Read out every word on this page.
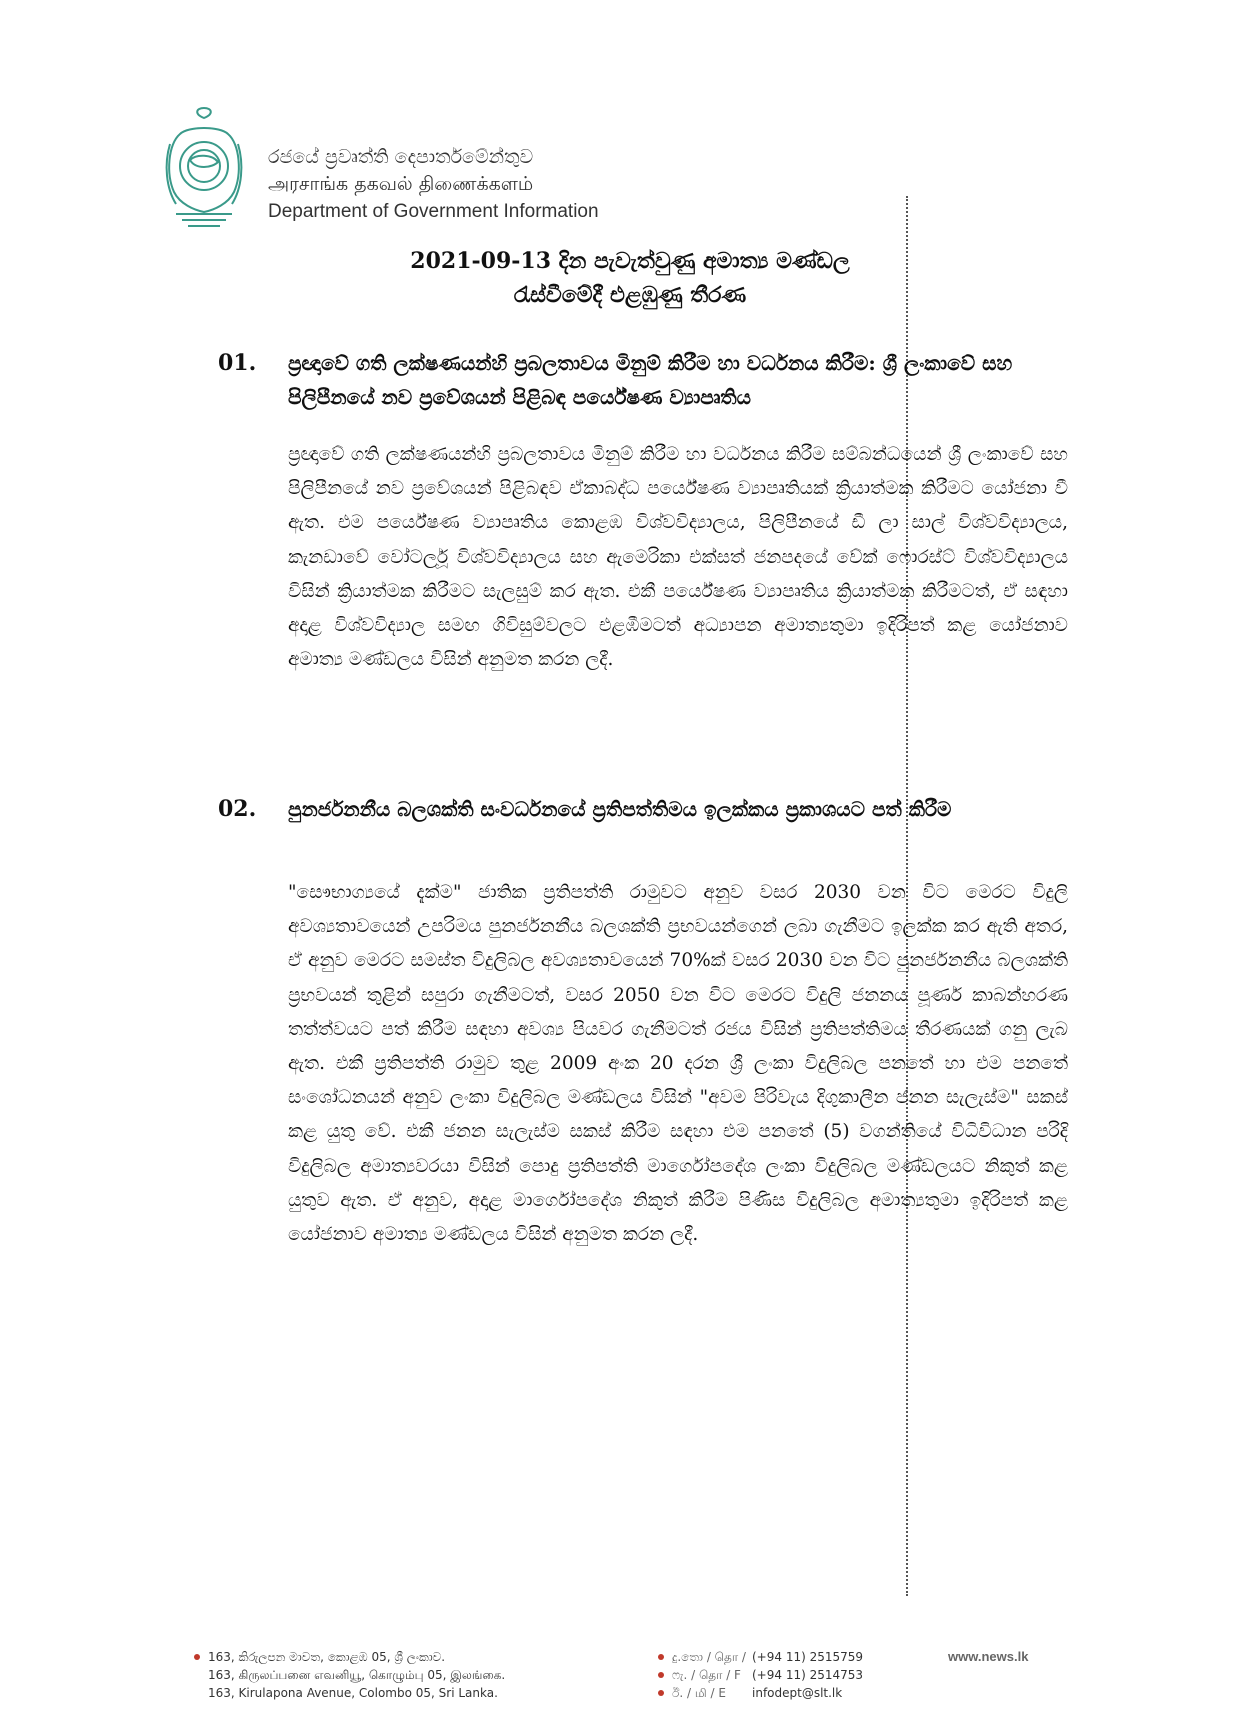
රජයේ ප්‍රවෘත්ති දෙපාර්තමේන්තුව
அரசாங்க தகவல் திணைக்களம்
Department of Government Information
2021-09-13 දින පැවැත්වුණු අමාත්‍ය මණ්ඩල
රැස්වීමේදී එළඹුණු තීරණ
01. ප්‍රඥාවේ ගති ලක්ෂණයන්හි ප්‍රබලතාවය මිනුම් කිරීම හා වර්ධනය කිරීම: ශ්‍රී ලංකාවේ සහ පිලිපීනයේ නව ප්‍රවේශයන් පිළිබඳ පර්යේෂණ ව්‍යාපෘතිය
ප්‍රඥාවේ ගති ලක්ෂණයන්හි ප්‍රබලතාවය මිනුම් කිරීම හා වර්ධනය කිරීම සම්බන්ධයෙන් ශ්‍රී ලංකාවේ සහ පිලිපීනයේ නව ප්‍රවේශයන් පිළිබඳව ඒකාබද්ධ පර්යේෂණ ව්‍යාපෘතියක් ක්‍රියාත්මක කිරීමට යෝජනා වී ඇත. එම පර්යේෂණ ව්‍යාපෘතිය කොළඹ විශ්වවිද්‍යාලය, පිලිපීනයේ ඩී ලා සාල් විශ්වවිද්‍යාලය, කැනඩාවේ වෝටර්ලූ විශ්වවිද්‍යාලය සහ ඇමෙරිකා එක්සත් ජනපදයේ වේක් ෆොරස්ට් විශ්වවිද්‍යාලය විසින් ක්‍රියාත්මක කිරීමට සැලසුම් කර ඇත. එකී පර්යේෂණ ව්‍යාපෘතිය ක්‍රියාත්මක කිරීමටත්, ඒ සඳහා අදාළ විශ්වවිද්‍යාල සමඟ ගිවිසුම්වලට එළඹීමටත් අධ්‍යාපන අමාත්‍යතුමා ඉදිරිපත් කළ යෝජනාව අමාත්‍ය මණ්ඩලය විසින් අනුමත කරන ලදී.
02. පුනර්ජනනීය බලශක්ති සංවර්ධනයේ ප්‍රතිපත්තිමය ඉලක්කය ප්‍රකාශයට පත් කිරීම
"සෞභාග්‍යයේ දැක්ම" ජාතික ප්‍රතිපත්ති රාමුවට අනුව වසර 2030 වන විට මෙරට විදුලි අවශ්‍යතාවයෙන් උපරිමය පුනර්ජනනීය බලශක්ති ප්‍රභවයන්ගෙන් ලබා ගැනීමට ඉලක්ක කර ඇති අතර, ඒ අනුව මෙරට සමස්ත විදුලිබල අවශ්‍යතාවයෙන් 70%ක් වසර 2030 වන විට පුනර්ජනනීය බලශක්ති ප්‍රභවයන් තුළින් සපුරා ගැනීමටත්, වසර 2050 වන විට මෙරට විදුලි ජනනය පූර්ණ කාබන්හරණ තත්ත්වයට පත් කිරීම සඳහා අවශ්‍ය පියවර ගැනීමටත් රජය විසින් ප්‍රතිපත්තිමය තීරණයක් ගනු ලැබ ඇත. එකී ප්‍රතිපත්ති රාමුව තුළ 2009 අංක 20 දරන ශ්‍රී ලංකා විදුලිබල පනතේ හා එම පනතේ සංශෝධනයන් අනුව ලංකා විදුලිබල මණ්ඩලය විසින් "අවම පිරිවැය දිගුකාලීන ජනන සැලැස්ම" සකස් කළ යුතු වේ. එකී ජනන සැලැස්ම සකස් කිරීම සඳහා එම පනතේ (5) වගන්තියේ විධිවිධාන පරිදි විදුලිබල අමාත්‍යවරයා විසින් පොදු ප්‍රතිපත්ති මාර්ගෝපදේශ ලංකා විදුලිබල මණ්ඩලයට නිකුත් කළ යුතුව ඇත. ඒ අනුව, අදාළ මාර්ගෝපදේශ නිකුත් කිරීම පිණිස විදුලිබල අමාත්‍යතුමා ඉදිරිපත් කළ යෝජනාව අමාත්‍ය මණ්ඩලය විසින් අනුමත කරන ලදී.
163, කිරුලපන මාවත, කොළඹ 05, ශ්‍රී ලංකාව.
163, கிருலப்பனை எவனியூ, கொழும்பு 05, இலங்கை.
163, Kirulapona Avenue, Colombo 05, Sri Lanka.
දු.තො / தொ / (+94 11) 2515759
ෆැ. / தொ / F (+94 11) 2514753
ඊ. / மி / E	infodept@slt.lk
www.news.lk
